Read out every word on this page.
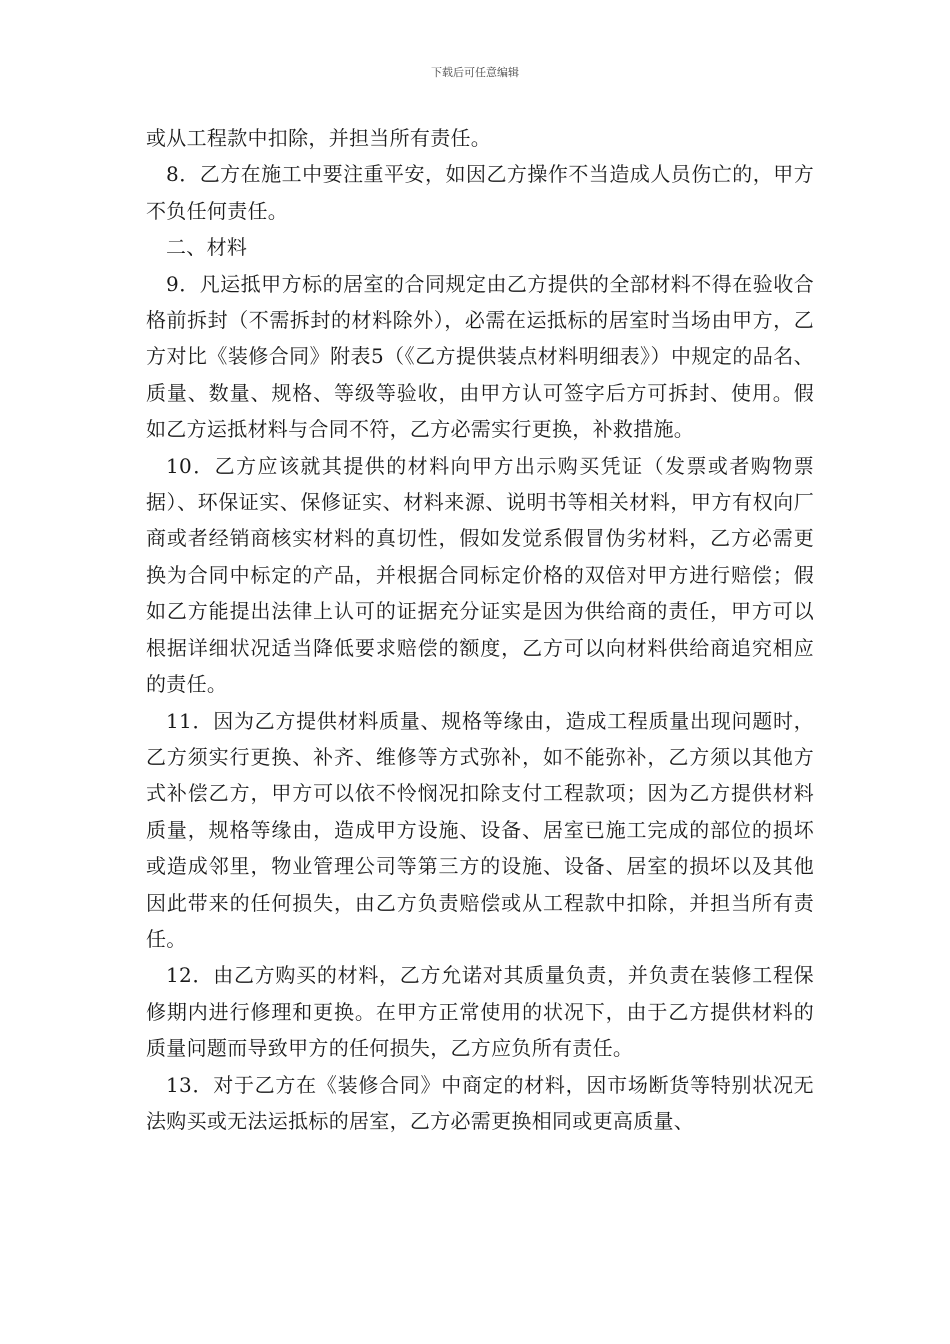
下载后可任意编辑

或从工程款中扣除，并担当所有责任。

8．乙方在施工中要注重平安，如因乙方操作不当造成人员伤亡的，甲方不负任何责任。

二、材料

9．凡运抵甲方标的居室的合同规定由乙方提供的全部材料不得在验收合格前拆封（不需拆封的材料除外），必需在运抵标的居室时当场由甲方，乙方对比《装修合同》附表5（《乙方提供装点材料明细表》）中规定的品名、质量、数量、规格、等级等验收，由甲方认可签字后方可拆封、使用。假如乙方运抵材料与合同不符，乙方必需实行更换，补救措施。

10．乙方应该就其提供的材料向甲方出示购买凭证（发票或者购物票据）、环保证实、保修证实、材料来源、说明书等相关材料，甲方有权向厂商或者经销商核实材料的真切性，假如发觉系假冒伪劣材料，乙方必需更换为合同中标定的产品，并根据合同标定价格的双倍对甲方进行赔偿；假如乙方能提出法律上认可的证据充分证实是因为供给商的责任，甲方可以根据详细状况适当降低要求赔偿的额度，乙方可以向材料供给商追究相应的责任。

11．因为乙方提供材料质量、规格等缘由，造成工程质量出现问题时，乙方须实行更换、补齐、维修等方式弥补，如不能弥补，乙方须以其他方式补偿乙方，甲方可以依不怜悯况扣除支付工程款项；因为乙方提供材料质量，规格等缘由，造成甲方设施、设备、居室已施工完成的部位的损坏或造成邻里，物业管理公司等第三方的设施、设备、居室的损坏以及其他因此带来的任何损失，由乙方负责赔偿或从工程款中扣除，并担当所有责任。

12．由乙方购买的材料，乙方允诺对其质量负责，并负责在装修工程保修期内进行修理和更换。在甲方正常使用的状况下，由于乙方提供材料的质量问题而导致甲方的任何损失，乙方应负所有责任。

13．对于乙方在《装修合同》中商定的材料，因市场断货等特别状况无法购买或无法运抵标的居室，乙方必需更换相同或更高质量、
